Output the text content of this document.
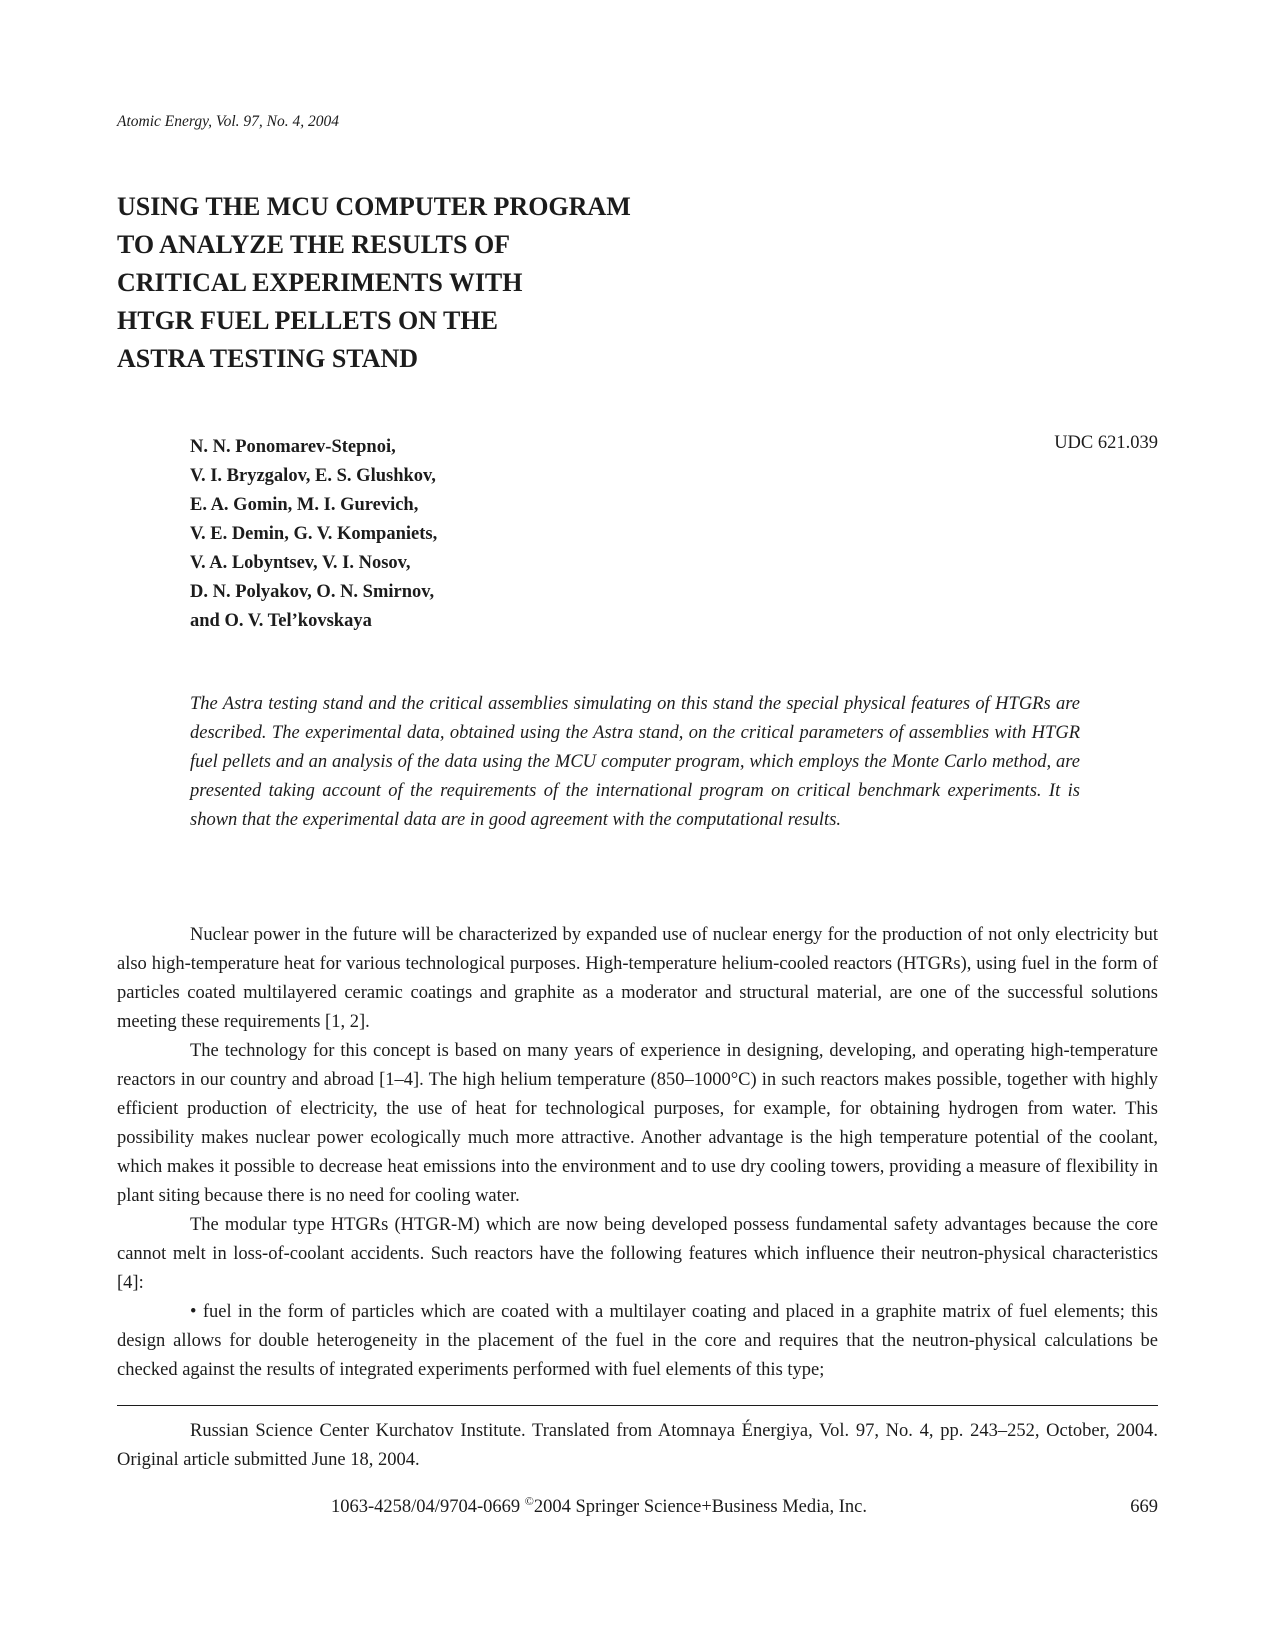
Atomic Energy, Vol. 97, No. 4, 2004
USING THE MCU COMPUTER PROGRAM
TO ANALYZE THE RESULTS OF
CRITICAL EXPERIMENTS WITH
HTGR FUEL PELLETS ON THE
ASTRA TESTING STAND
N. N. Ponomarev-Stepnoi,
V. I. Bryzgalov, E. S. Glushkov,
E. A. Gomin, M. I. Gurevich,
V. E. Demin, G. V. Kompaniets,
V. A. Lobyntsev, V. I. Nosov,
D. N. Polyakov, O. N. Smirnov,
and O. V. Tel’kovskaya
UDC 621.039

The Astra testing stand and the critical assemblies simulating on this stand the special physical features of HTGRs are described. The experimental data, obtained using the Astra stand, on the critical parameters of assemblies with HTGR fuel pellets and an analysis of the data using the MCU computer program, which employs the Monte Carlo method, are presented taking account of the requirements of the international program on critical benchmark experiments. It is shown that the experimental data are in good agreement with the computational results.

Nuclear power in the future will be characterized by expanded use of nuclear energy for the production of not only electricity but also high-temperature heat for various technological purposes. High-temperature helium-cooled reactors (HTGRs), using fuel in the form of particles coated multilayered ceramic coatings and graphite as a moderator and structural material, are one of the successful solutions meeting these requirements [1, 2].

The technology for this concept is based on many years of experience in designing, developing, and operating high-temperature reactors in our country and abroad [1–4]. The high helium temperature (850–1000°C) in such reactors makes possible, together with highly efficient production of electricity, the use of heat for technological purposes, for example, for obtaining hydrogen from water. This possibility makes nuclear power ecologically much more attractive. Another advantage is the high temperature potential of the coolant, which makes it possible to decrease heat emissions into the environment and to use dry cooling towers, providing a measure of flexibility in plant siting because there is no need for cooling water.

The modular type HTGRs (HTGR-M) which are now being developed possess fundamental safety advantages because the core cannot melt in loss-of-coolant accidents. Such reactors have the following features which influence their neutron-physical characteristics [4]:

• fuel in the form of particles which are coated with a multilayer coating and placed in a graphite matrix of fuel elements; this design allows for double heterogeneity in the placement of the fuel in the core and requires that the neutron-physical calculations be checked against the results of integrated experiments performed with fuel elements of this type;

Russian Science Center Kurchatov Institute. Translated from Atomnaya Énergiya, Vol. 97, No. 4, pp. 243–252, October, 2004. Original article submitted June 18, 2004.

1063-4258/04/9704-0669 ©2004 Springer Science+Business Media, Inc.	669
